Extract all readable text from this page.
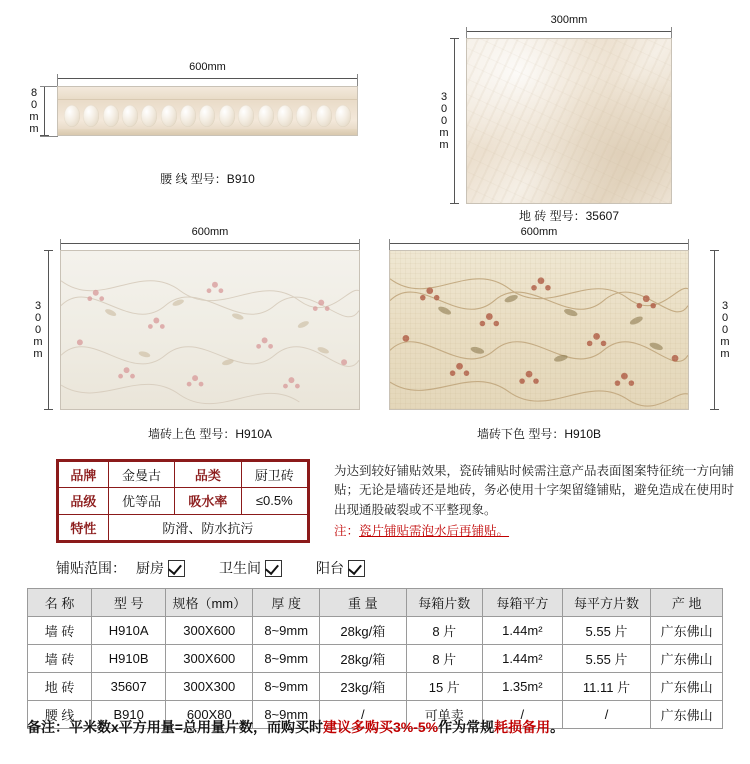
600mm
80mm
腰 线 型号：B910
300mm
300mm
地 砖 型号：35607
600mm
300mm
墙砖上色 型号：H910A
600mm
300mm
墙砖下色 型号：H910B
品牌	金曼古	品类	厨卫砖
品级	优等品	吸水率	≤0.5%
特性	防滑、防水抗污		
为达到较好铺贴效果，瓷砖铺贴时候需注意产品表面图案特征统一方向铺贴；无论是墙砖还是地砖，务必使用十字架留缝铺贴，避免造成在使用时出现通股破裂或不平整现象。
注：瓷片铺贴需泡水后再铺贴。
铺贴范围： 厨房	卫生间	阳台
名 称	型 号	规格（mm）	厚 度	重 量	每箱片数	每箱平方	每平方片数	产 地
墙 砖	H910A	300X600	8~9mm	28kg/箱	8 片	1.44m²	5.55 片	广东佛山
墙 砖	H910B	300X600	8~9mm	28kg/箱	8 片	1.44m²	5.55 片	广东佛山
地 砖	35607	300X300	8~9mm	23kg/箱	15 片	1.35m²	11.11 片	广东佛山
腰 线	B910	600X80	8~9mm	/	可单卖	/	/	广东佛山
备注：平米数x平方用量=总用量片数，而购买时建议多购买3%-5%作为常规耗损备用。
